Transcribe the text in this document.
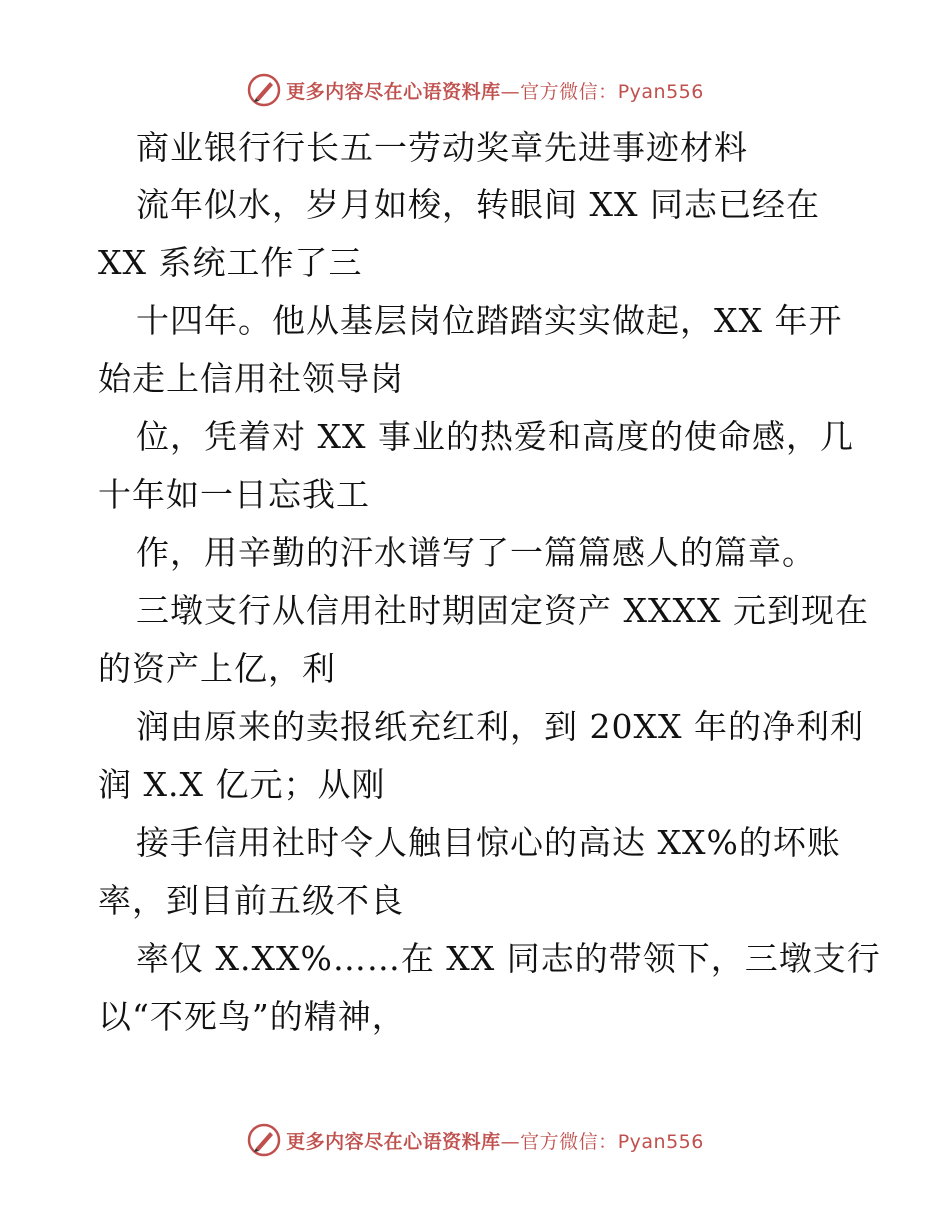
更多内容尽在心语资料库—官方微信：Pyan556
商业银行行长五一劳动奖章先进事迹材料
流年似水，岁月如梭，转眼间 XX 同志已经在
XX 系统工作了三
十四年。他从基层岗位踏踏实实做起，XX 年开
始走上信用社领导岗
位，凭着对 XX 事业的热爱和高度的使命感，几
十年如一日忘我工
作，用辛勤的汗水谱写了一篇篇感人的篇章。
三墩支行从信用社时期固定资产 XXXX 元到现在
的资产上亿，利
润由原来的卖报纸充红利，到 20XX 年的净利利
润 X.X 亿元；从刚
接手信用社时令人触目惊心的高达 XX%的坏账
率，到目前五级不良
率仅 X.XX%……在 XX 同志的带领下，三墩支行
以“不死鸟”的精神，
更多内容尽在心语资料库—官方微信：Pyan556
